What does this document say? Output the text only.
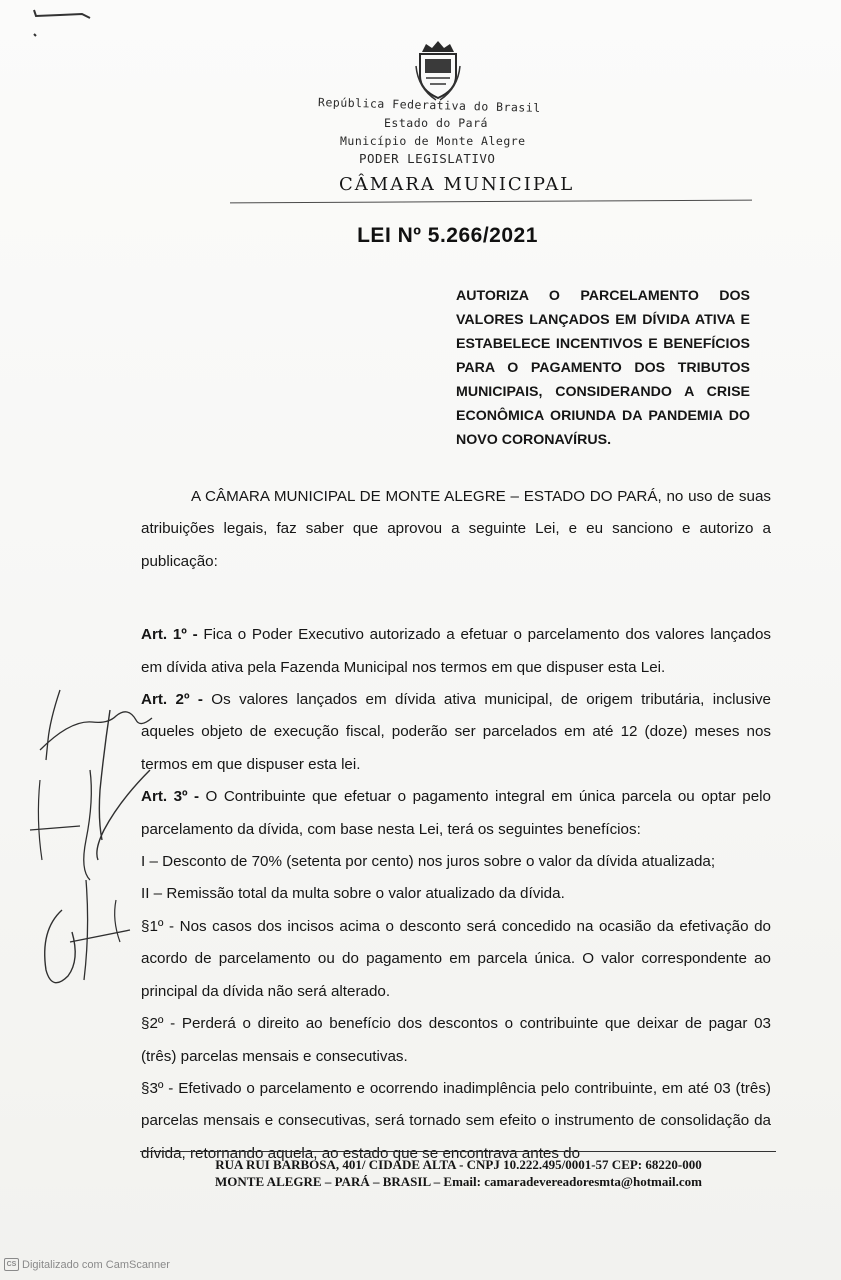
República Federativa do Brasil
Estado do Pará
Município de Monte Alegre
PODER LEGISLATIVO
CÂMARA MUNICIPAL
LEI Nº 5.266/2021
AUTORIZA O PARCELAMENTO DOS VALORES LANÇADOS EM DÍVIDA ATIVA E ESTABELECE INCENTIVOS E BENEFÍCIOS PARA O PAGAMENTO DOS TRIBUTOS MUNICIPAIS, CONSIDERANDO A CRISE ECONÔMICA ORIUNDA DA PANDEMIA DO NOVO CORONAVÍRUS.

A CÂMARA MUNICIPAL DE MONTE ALEGRE – ESTADO DO PARÁ, no uso de suas atribuições legais, faz saber que aprovou a seguinte Lei, e eu sanciono e autorizo a publicação:

Art. 1º - Fica o Poder Executivo autorizado a efetuar o parcelamento dos valores lançados em dívida ativa pela Fazenda Municipal nos termos em que dispuser esta Lei.

Art. 2º - Os valores lançados em dívida ativa municipal, de origem tributária, inclusive aqueles objeto de execução fiscal, poderão ser parcelados em até 12 (doze) meses nos termos em que dispuser esta lei.

Art. 3º - O Contribuinte que efetuar o pagamento integral em única parcela ou optar pelo parcelamento da dívida, com base nesta Lei, terá os seguintes benefícios:

I – Desconto de 70% (setenta por cento) nos juros sobre o valor da dívida atualizada;

II – Remissão total da multa sobre o valor atualizado da dívida.

§1º - Nos casos dos incisos acima o desconto será concedido na ocasião da efetivação do acordo de parcelamento ou do pagamento em parcela única. O valor correspondente ao principal da dívida não será alterado.

§2º - Perderá o direito ao benefício dos descontos o contribuinte que deixar de pagar 03 (três) parcelas mensais e consecutivas.

§3º - Efetivado o parcelamento e ocorrendo inadimplência pelo contribuinte, em até 03 (três) parcelas mensais e consecutivas, será tornado sem efeito o instrumento de consolidação da dívida, retornando aquela, ao estado que se encontrava antes do

RUA RUI BARBOSA, 401/ CIDADE ALTA - CNPJ 10.222.495/0001-57 CEP: 68220-000
MONTE ALEGRE – PARÁ – BRASIL – Email: camaradevereadoresmta@hotmail.com
CS Digitalizado com CamScanner
